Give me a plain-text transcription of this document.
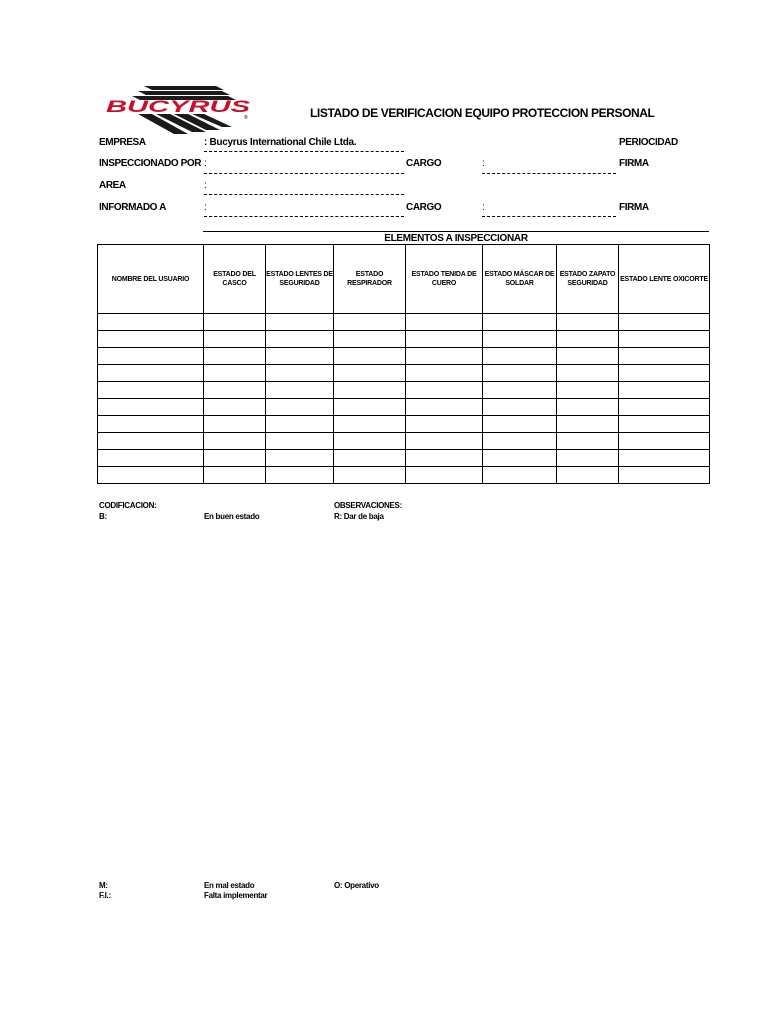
BUCYRUS
®	LISTADO DE VERIFICACION EQUIPO PROTECCION PERSONAL
EMPRESA	: Bucyrus International Chile Ltda.	PERIOCIDAD
INSPECCIONADO POR :	CARGO	:	FIRMA
AREA	:
INFORMADO A	:	CARGO	:	FIRMA
ELEMENTOS A INSPECCIONAR
NOMBRE DEL USUARIO	ESTADO DEL CASCO	ESTADO LENTES DE SEGURIDAD	ESTADO RESPIRADOR	ESTADO TENIDA DE CUERO	ESTADO MÁSCAR DE SOLDAR	ESTADO ZAPATO SEGURIDAD	ESTADO LENTE OXICORTE

CODIFICACION:	OBSERVACIONES:
B:	En buen estado	R: Dar de baja
M:	En mal estado	O: Operativo
F.I.:	Falta implementar
